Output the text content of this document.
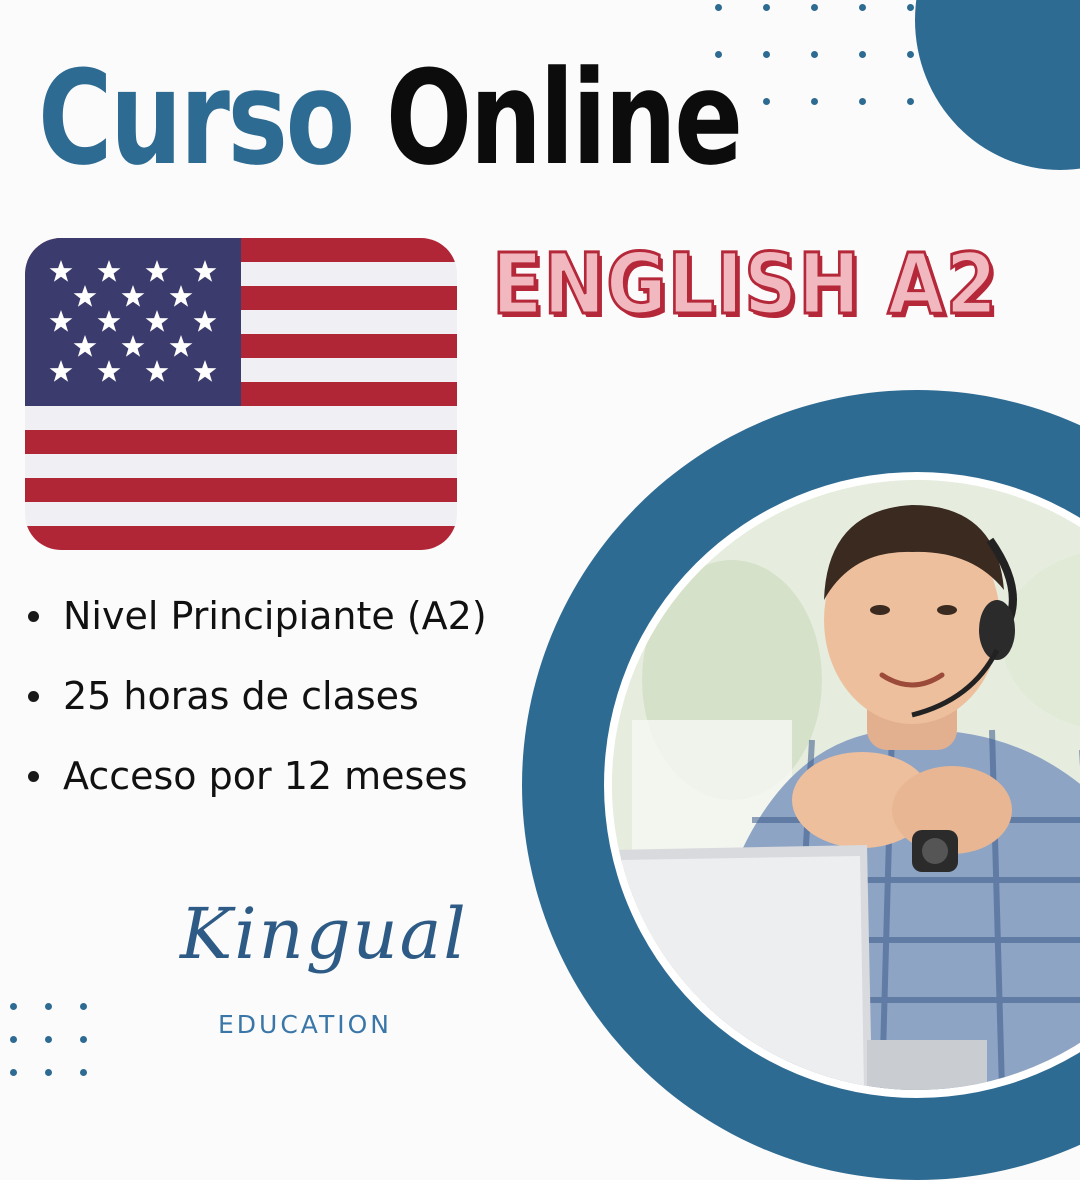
Curso Online
ENGLISH A2
Nivel Principiante (A2)
25 horas de clases
Acceso por 12 meses
Kingual
EDUCATION
